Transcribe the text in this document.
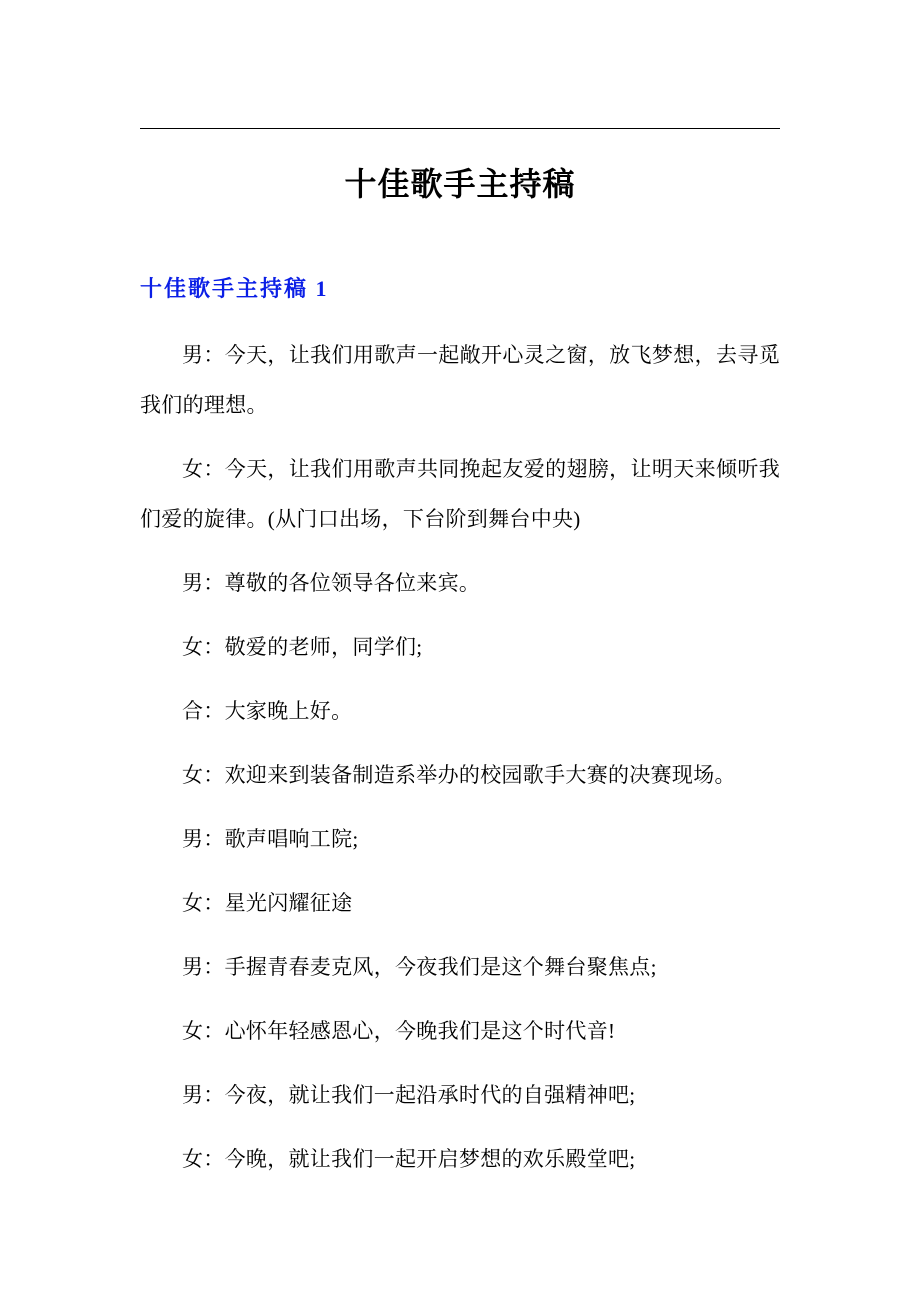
十佳歌手主持稿
十佳歌手主持稿 1

男：今天，让我们用歌声一起敞开心灵之窗，放飞梦想，去寻觅我们的理想。

女：今天，让我们用歌声共同挽起友爱的翅膀，让明天来倾听我们爱的旋律。(从门口出场，下台阶到舞台中央)

男：尊敬的各位领导各位来宾。

女：敬爱的老师，同学们;

合：大家晚上好。

女：欢迎来到装备制造系举办的校园歌手大赛的决赛现场。

男：歌声唱响工院;

女：星光闪耀征途

男：手握青春麦克风，今夜我们是这个舞台聚焦点;

女：心怀年轻感恩心，今晚我们是这个时代音!

男：今夜，就让我们一起沿承时代的自强精神吧;

女：今晚，就让我们一起开启梦想的欢乐殿堂吧;
